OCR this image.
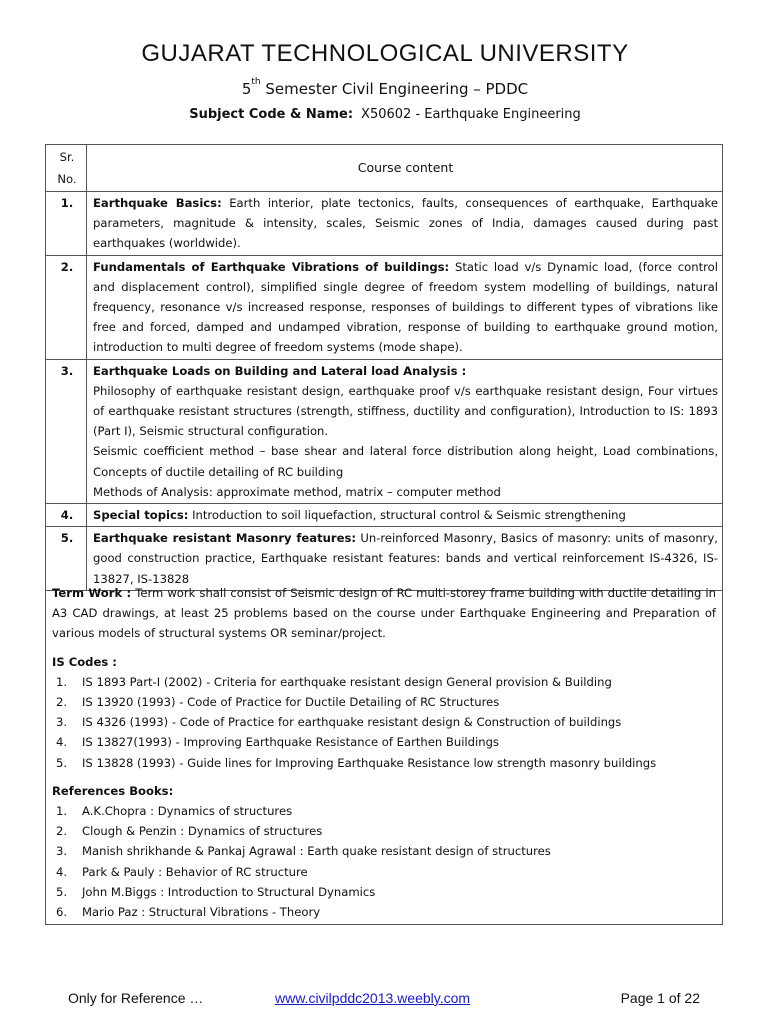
GUJARAT TECHNOLOGICAL UNIVERSITY
5th Semester Civil Engineering – PDDC
Subject Code & Name: X50602 - Earthquake Engineering
Sr.
No.	Course content
1.	Earthquake Basics: Earth interior, plate tectonics, faults, consequences of earthquake, Earthquake parameters, magnitude & intensity, scales, Seismic zones of India, damages caused during past earthquakes (worldwide).
2.	Fundamentals of Earthquake Vibrations of buildings: Static load v/s Dynamic load, (force control and displacement control), simplified single degree of freedom system modelling of buildings, natural frequency, resonance v/s increased response, responses of buildings to different types of vibrations like free and forced, damped and undamped vibration, response of building to earthquake ground motion, introduction to multi degree of freedom systems (mode shape).
3.	Earthquake Loads on Building and Lateral load Analysis :
Philosophy of earthquake resistant design, earthquake proof v/s earthquake resistant design, Four virtues of earthquake resistant structures (strength, stiffness, ductility and configuration), Introduction to IS: 1893 (Part I), Seismic structural configuration.
Seismic coefficient method – base shear and lateral force distribution along height, Load combinations, Concepts of ductile detailing of RC building
Methods of Analysis: approximate method, matrix – computer method

4.	Special topics: Introduction to soil liquefaction, structural control & Seismic strengthening
5.	Earthquake resistant Masonry features: Un-reinforced Masonry, Basics of masonry: units of masonry, good construction practice, Earthquake resistant features: bands and vertical reinforcement IS-4326, IS-13827, IS-13828
Term Work : Term work shall consist of Seismic design of RC multi-storey frame building with ductile detailing in A3 CAD drawings, at least 25 problems based on the course under Earthquake Engineering and Preparation of various models of structural systems OR seminar/project.
IS Codes :
1. IS 1893 Part-I (2002) - Criteria for earthquake resistant design General provision & Building
2. IS 13920 (1993) - Code of Practice for Ductile Detailing of RC Structures
3. IS 4326 (1993) - Code of Practice for earthquake resistant design & Construction of buildings
4. IS 13827(1993) - Improving Earthquake Resistance of Earthen Buildings
5. IS 13828 (1993) - Guide lines for Improving Earthquake Resistance low strength masonry buildings
References Books:
1. A.K.Chopra : Dynamics of structures
2. Clough & Penzin : Dynamics of structures
3. Manish shrikhande & Pankaj Agrawal : Earth quake resistant design of structures
4. Park & Pauly : Behavior of RC structure
5. John M.Biggs : Introduction to Structural Dynamics
6. Mario Paz : Structural Vibrations - Theory
Only for Reference …	www.civilpddc2013.weebly.com	Page 1 of 22
